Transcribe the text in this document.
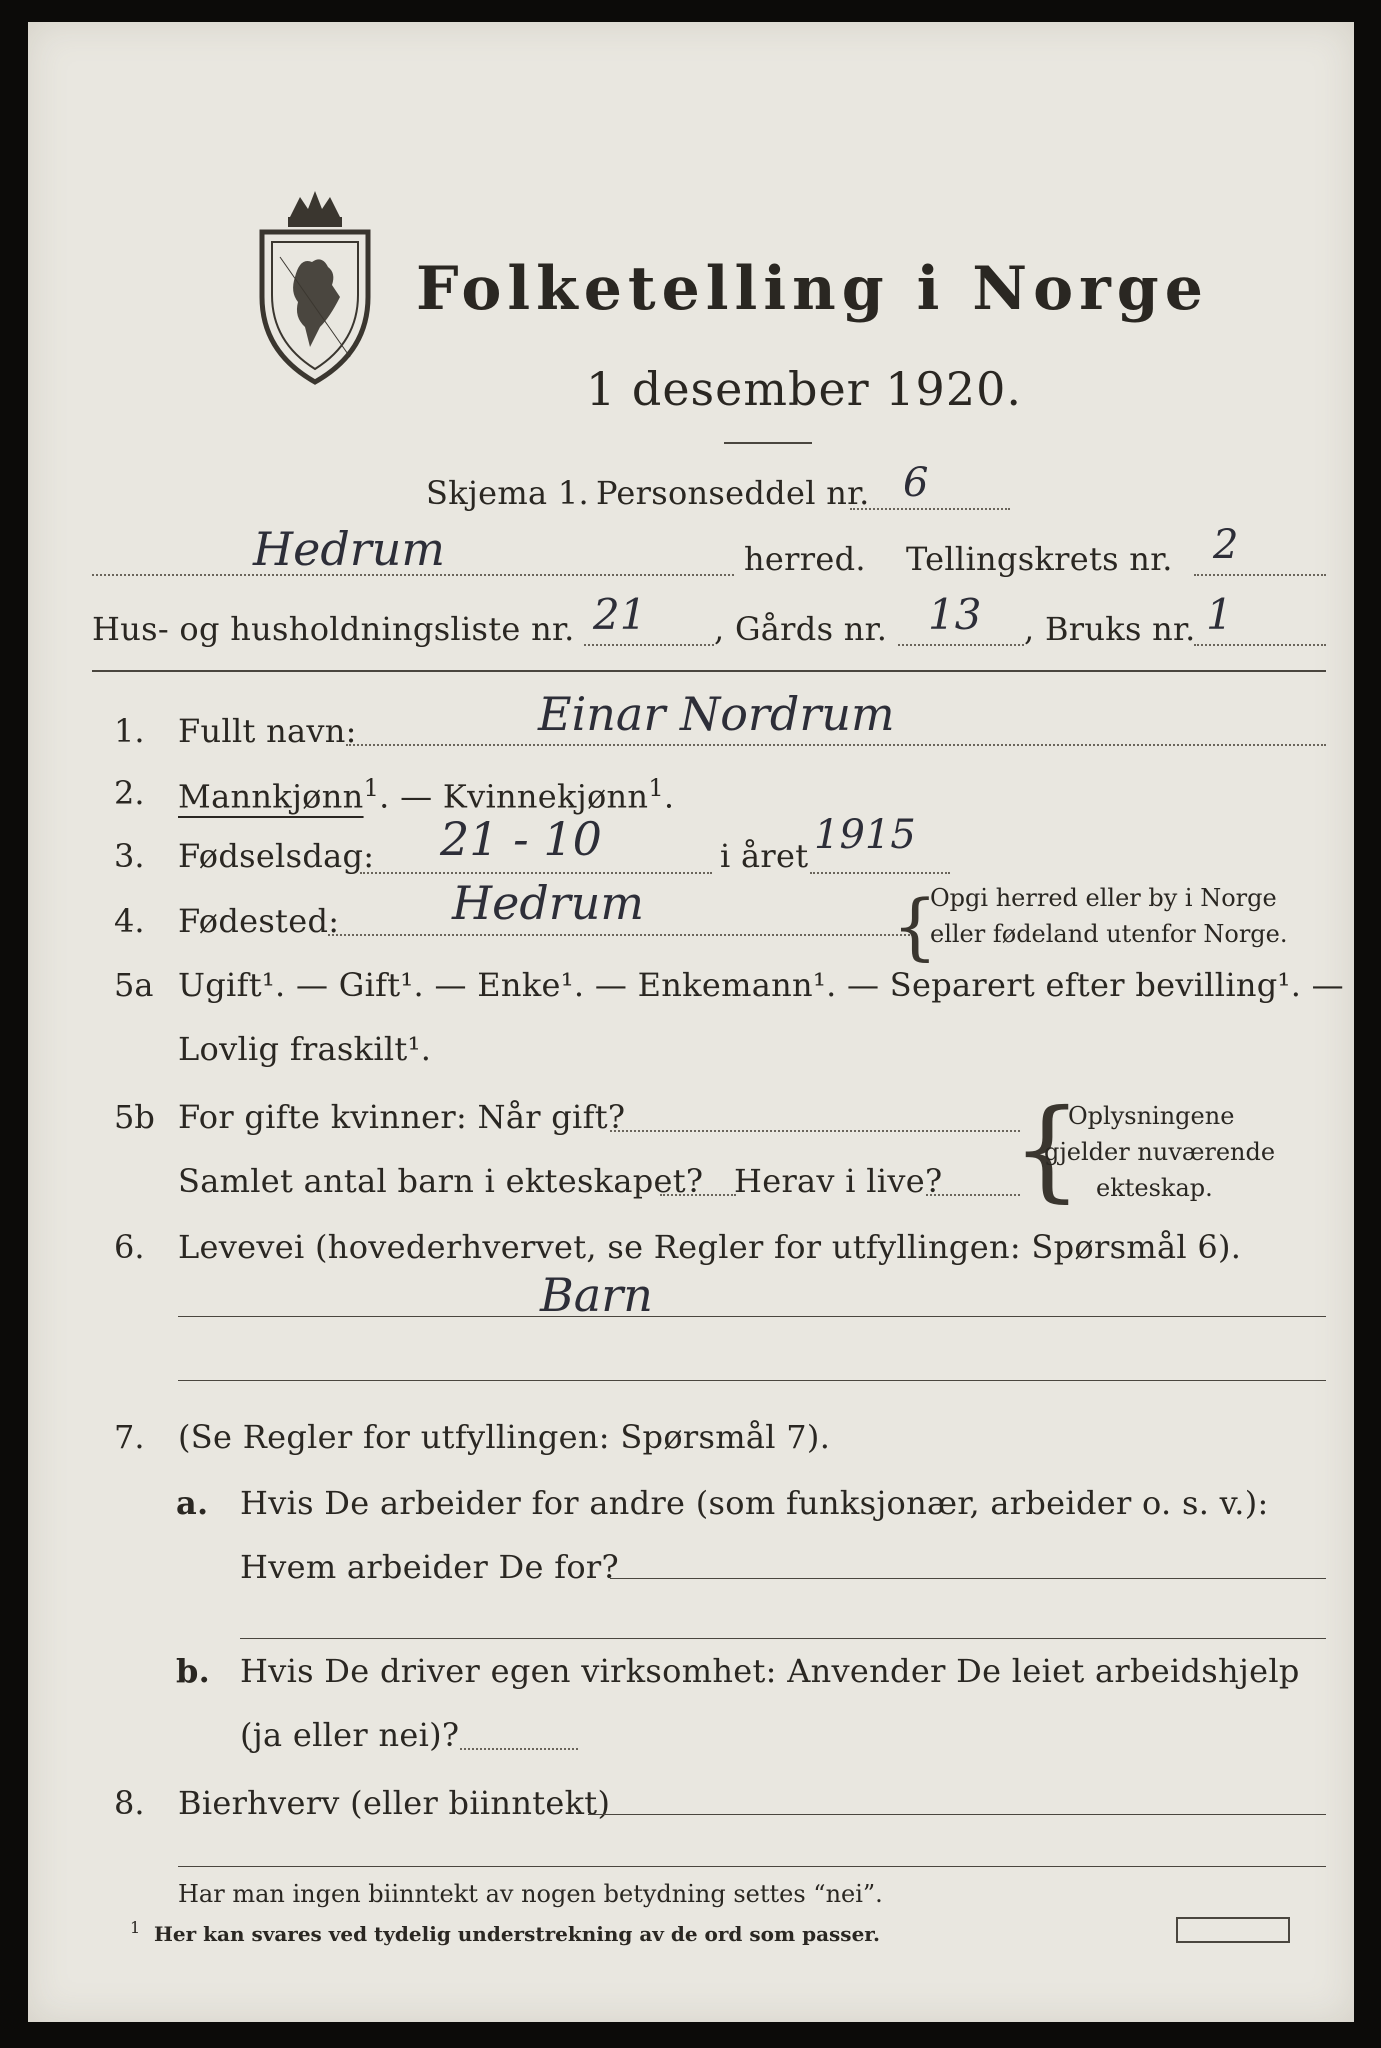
Folketelling i Norge
1 desember 1920.
Skjema 1. Personseddel nr. 6
Hedrum	herred. Tellingskrets nr. 2
Hus- og husholdningsliste nr. 21 , Gårds nr. 13 , Bruks nr. 1
1. Fullt navn:	Einar Nordrum
2. Mannkjønn$^1$. — Kvinnekjønn$^1$.
3. Fødselsdag: 21 - 10	i året 1915
4. Fødested: Hedrum	{
Opgi herred eller by i Norge
eller fødeland utenfor Norge.
5a Ugift¹. — Gift¹. — Enke¹. — Enkemann¹. — Separert efter bevilling¹. —
Lovlig fraskilt¹.
5b For gifte kvinner: Når gift?
Samlet antal barn i ekteskapet? Herav i live? {
Oplysningene
gjelder nuværende
ekteskap.
6. Levevei (hovederhvervet, se Regler for utfyllingen: Spørsmål 6).
Barn
7. (Se Regler for utfyllingen: Spørsmål 7).
a. Hvis De arbeider for andre (som funksjonær, arbeider o. s. v.):
Hvem arbeider De for?
b. Hvis De driver egen virksomhet: Anvender De leiet arbeidshjelp
(ja eller nei)?
8. Bierhverv (eller biinntekt)
Har man ingen biinntekt av nogen betydning settes “nei”.
1 Her kan svares ved tydelig understrekning av de ord som passer.
